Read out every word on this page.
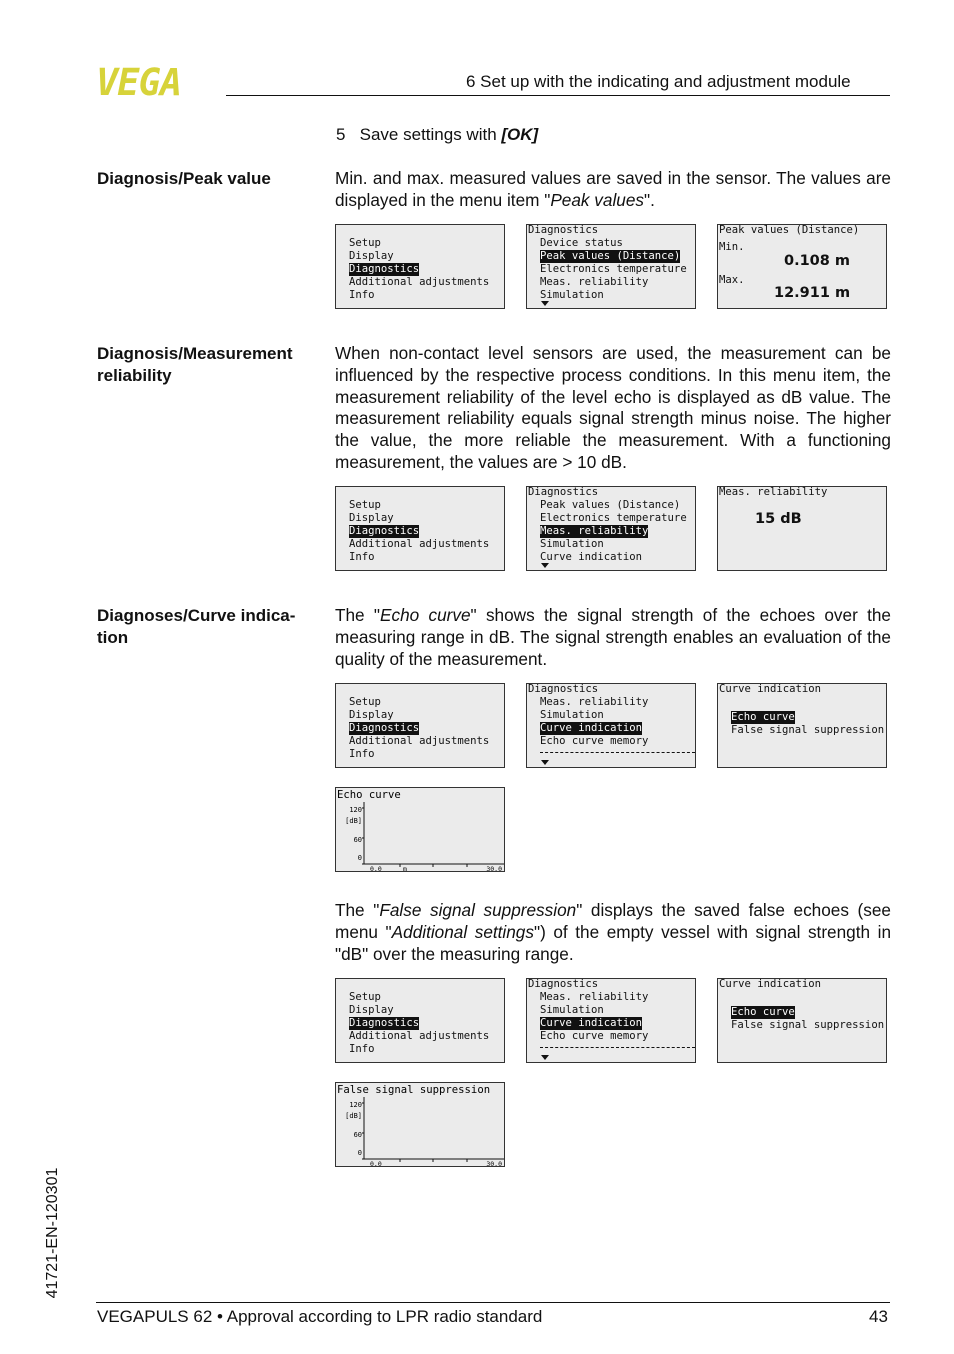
VEGA	6 Set up with the indicating and adjustment module
5 Save settings with [OK]
Diagnosis/Peak value	Min. and max. measured values are saved in the sensor. The values are displayed in the menu item "Peak values".
Setup
Display
Diagnostics
Additional adjustments
Info
Diagnostics
Device status
Peak values (Distance)
Electronics temperature
Meas. reliability
Simulation
Peak values (Distance)
Min.
0.108 m
Max.
12.911 m
Diagnosis/Measurement reliability
When non-contact level sensors are used, the measurement can be influenced by the respective process conditions. In this menu item, the measurement reliability of the level echo is displayed as dB value. The measurement reliability equals signal strength minus noise. The higher the value, the more reliable the measurement. With a functioning measurement, the values are > 10 dB.
Setup
Display
Diagnostics
Additional adjustments
Info
Diagnostics
Peak values (Distance)
Electronics temperature
Meas. reliability
Simulation
Curve indication
Meas. reliability
15 dB
Diagnoses/Curve indica-tion
The "Echo curve" shows the signal strength of the echoes over the measuring range in dB. The signal strength enables an evaluation of the quality of the measurement.
Setup
Display
Diagnostics
Additional adjustments
Info
Diagnostics
Meas. reliability
Simulation
Curve indication
Echo curve memory
Curve indication
Echo curve
False signal suppression
Echo curve
120
[dB]
60
0
0.0	m	30.0
The "False signal suppression" displays the saved false echoes (see menu "Additional settings") of the empty vessel with signal strength in "dB" over the measuring range.
Setup
Display
Diagnostics
Additional adjustments
Info
Diagnostics
Meas. reliability
Simulation
Curve indication
Echo curve memory
Curve indication
Echo curve
False signal suppression
False signal suppression
120
[dB]
60
0
0.0	30.0
41721-EN-120301
VEGAPULS 62 • Approval according to LPR radio standard	43
